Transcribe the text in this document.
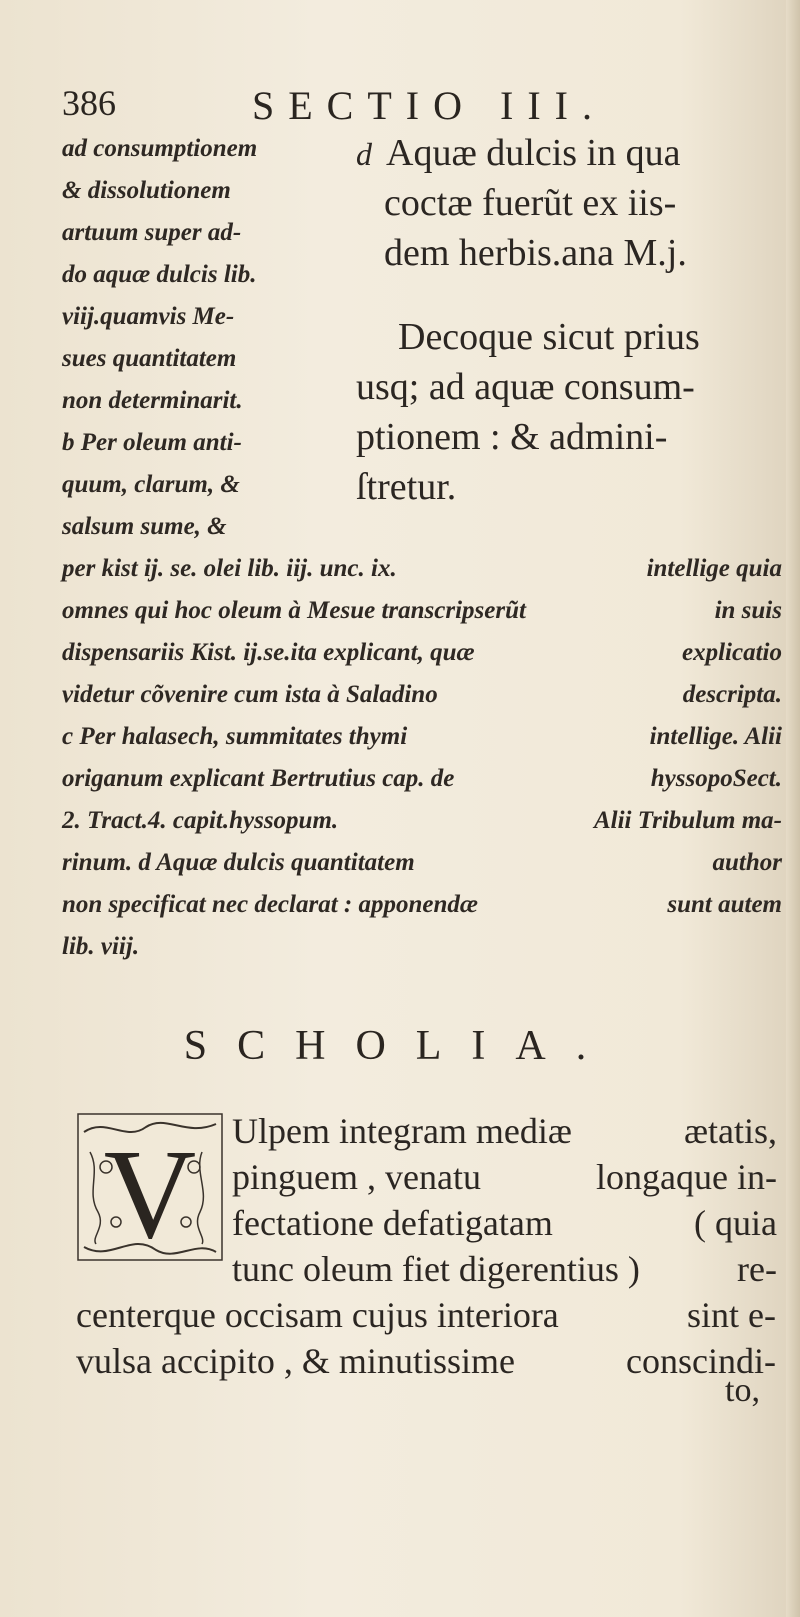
386	SECTIO III.
ad consumptionem
& dissolutionem
artuum super ad-
do aquæ dulcis lib.
viij.quamvis Me-
sues quantitatem
non determinarit.
b Per oleum anti-
quum, clarum, &
salsum sume, &
d Aquæ dulcis in qua
coctæ fuerũt ex iis-
dem herbis.ana M.j.
Decoque sicut prius
usq; ad aquæ consum-
ptionem : & admini-
ſtretur.
per kist ij. se. olei lib. iij. unc. ix.	intellige quia
omnes qui hoc oleum à Mesue transcripserũt	in suis
dispensariis Kist. ij.se.ita explicant, quæ	explicatio
videtur cõvenire cum ista à Saladino	descripta.
c Per halasech, summitates thymi	intellige. Alii
origanum explicant Bertrutius cap. de	hyssopoSect.
2. Tract.4. capit.hyssopum.	Alii Tribulum ma-
rinum. d Aquæ dulcis quantitatem	author
non specificat nec declarat : apponendæ	sunt autem
lib. viij.
SCHOLIA.
V Ulpem integram mediæ	ætatis,
pinguem , venatu	longaque in-
fectatione defatigatam	( quia
tunc oleum fiet digerentius )	re-
centerque occisam cujus interiora	sint e-
vulsa accipito , & minutissime	conscindi-
to,
